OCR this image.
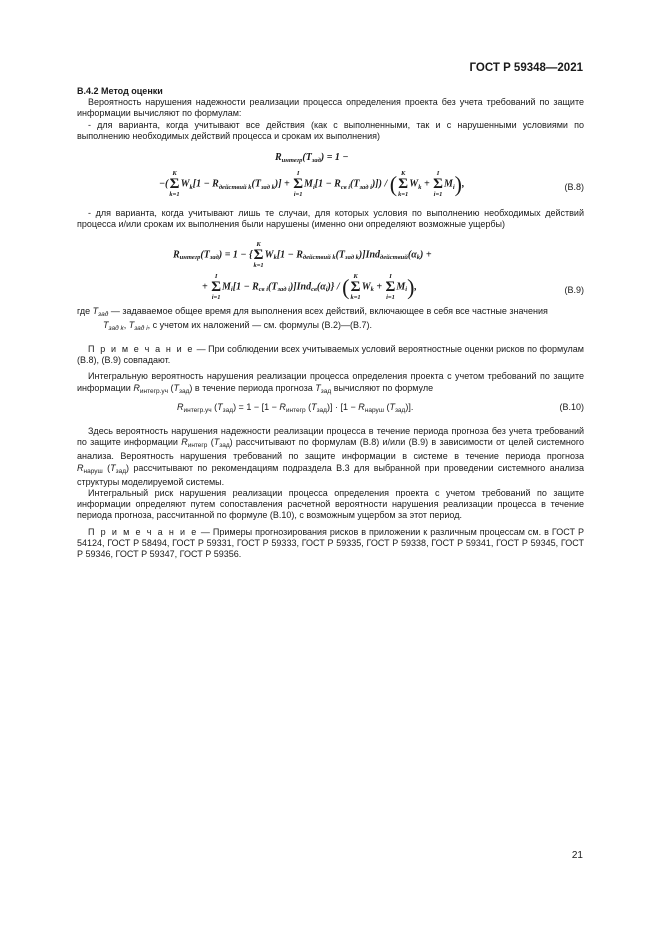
ГОСТ Р 59348—2021

В.4.2 Метод оценки

Вероятность нарушения надежности реализации процесса определения проекта без учета требований по защите информации вычисляют по формулам:

- для варианта, когда учитывают все действия (как с выполненными, так и с нарушенными условиями по выполнению необходимых действий процесса и срокам их выполнения)

$R_{интегр}(T_{зад}) = 1$ −
−(
K
Σ
k=1
$W_k[1 - R_{действий k}(T_{зад k})]$ +
I
Σ
i=1
$M_i[1 - R_{св i}(T_{зад i})]$) / ( K
Σ
k=1
$W_k$ +
I
Σ
i=1
$M_i$),	(В.8)

- для варианта, когда учитывают лишь те случаи, для которых условия по выполнению необходимых действий процесса и/или срокам их выполнения были нарушены (именно они определяют возможные ущербы)

$R_{интегр}(T_{зад}) = 1$ − {
K
Σ
k=1
$W_k[1 - R_{действий k}(T_{зад k})]Ind_{действий}(\alpha_k)$ +
+
I
Σ
i=1
$M_i[1 - R_{св i}(T_{зад i})]Ind_{св}(\alpha_i)$} / ( K
Σ
k=1
$W_k$ +
I
Σ
i=1
$M_i$),	(В.9)

где $T_{зад}$ — задаваемое общее время для выполнения всех действий, включающее в себя все частные значения

$T_{зад k}$, $T_{зад i}$, с учетом их наложений — см. формулы (В.2)—(В.7).

П р и м е ч а н и е — При соблюдении всех учитываемых условий вероятностные оценки рисков по формулам (В.8), (В.9) совпадают.

Интегральную вероятность нарушения реализации процесса определения проекта с учетом требований по защите информации $R_{интегр.уч}$ $(T_{зад})$ в течение периода прогноза $T_{зад}$ вычисляют по формуле

$R_{интегр.уч}$ $(T_{зад}) = 1 - [1 - R_{интегр}$ $(T_{зад})] \cdot [1 - R_{наруш}$ $(T_{зад})$].	(В.10)

Здесь вероятность нарушения надежности реализации процесса в течение периода прогноза без учета требований по защите информации $R_{интегр}$ $(T_{зад})$ рассчитывают по формулам (В.8) и/или (В.9) в зависимости от целей системного анализа. Вероятность нарушения требований по защите информации в системе в течение периода прогноза $R_{наруш}$ $(T_{зад})$ рассчитывают по рекомендациям подраздела В.3 для выбранной при проведении системного анализа структуры моделируемой системы.

Интегральный риск нарушения реализации процесса определения проекта с учетом требований по защите информации определяют путем сопоставления расчетной вероятности нарушения реализации процесса в течение периода прогноза, рассчитанной по формуле (В.10), с возможным ущербом за этот период.

П р и м е ч а н и е — Примеры прогнозирования рисков в приложении к различным процессам см. в ГОСТ Р 54124, ГОСТ Р 58494, ГОСТ Р 59331, ГОСТ Р 59333, ГОСТ Р 59335, ГОСТ Р 59338, ГОСТ Р 59341, ГОСТ Р 59345, ГОСТ Р 59346, ГОСТ Р 59347, ГОСТ Р 59356.

21
